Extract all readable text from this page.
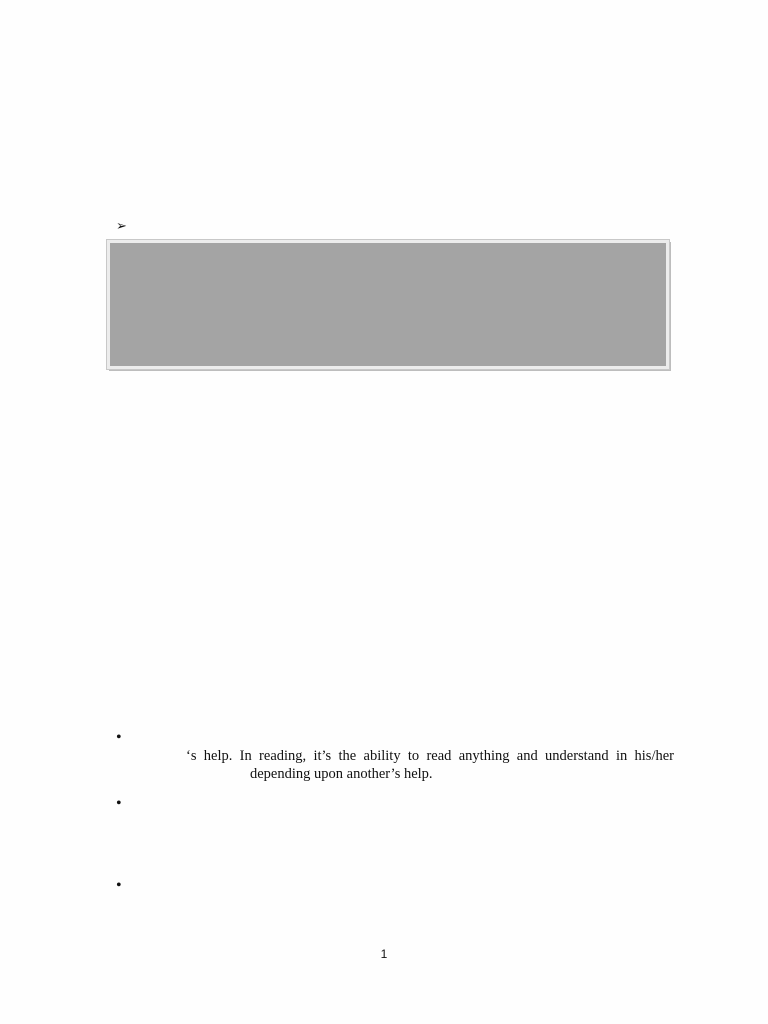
➢
•
‘s help. In reading, it’s the ability to read anything and understand in his/her
depending upon another’s help.
•
•
1
